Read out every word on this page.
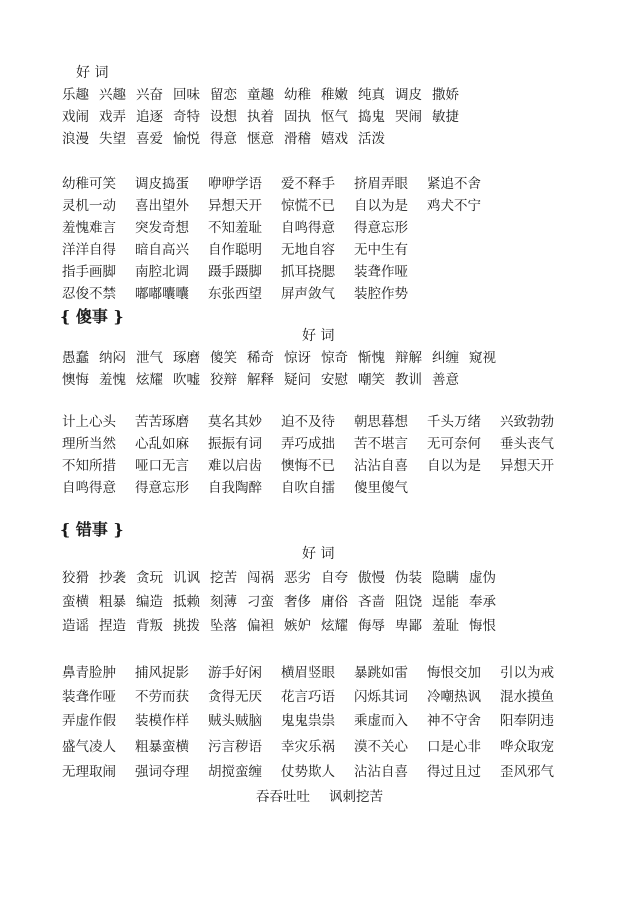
好 词
乐趣 兴趣 兴奋 回味 留恋 童趣 幼稚 稚嫩 纯真 调皮 撒娇
戏闹 戏弄 追逐 奇特 设想 执着 固执 怄气 捣鬼 哭闹 敏捷
浪漫 失望 喜爱 愉悦 得意 惬意 滑稽 嬉戏 活泼
幼稚可笑 调皮捣蛋 咿咿学语 爱不释手 挤眉弄眼 紧追不舍
灵机一动 喜出望外 异想天开 惊慌不已 自以为是 鸡犬不宁
羞愧难言 突发奇想 不知羞耻 自鸣得意 得意忘形
洋洋自得 暗自高兴 自作聪明 无地自容 无中生有
指手画脚 南腔北调 蹑手蹑脚 抓耳挠腮 装聋作哑
忍俊不禁 嘟嘟囔囔 东张西望 屏声敛气 装腔作势
{ 傻事 }
好 词
愚蠢 纳闷 泄气 琢磨 傻笑 稀奇 惊讶 惊奇 惭愧 辩解 纠缠 窥视
懊悔 羞愧 炫耀 吹嘘 狡辩 解释 疑问 安慰 嘲笑 教训 善意
计上心头 苦苦琢磨 莫名其妙 迫不及待 朝思暮想 千头万绪 兴致勃勃
理所当然 心乱如麻 振振有词 弄巧成拙 苦不堪言 无可奈何 垂头丧气
不知所措 哑口无言 难以启齿 懊悔不已 沾沾自喜 自以为是 异想天开
自鸣得意 得意忘形 自我陶醉 自吹自擂 傻里傻气
{ 错事 }
好 词
狡猾 抄袭 贪玩 讥讽 挖苦 闯祸 恶劣 自夸 傲慢 伪装 隐瞒 虚伪
蛮横 粗暴 编造 抵赖 刻薄 刁蛮 奢侈 庸俗 吝啬 阻饶 逞能 奉承
造谣 捏造 背叛 挑拨 坠落 偏袒 嫉妒 炫耀 侮辱 卑鄙 羞耻 悔恨
鼻青脸肿 捕风捉影 游手好闲 横眉竖眼 暴跳如雷 悔恨交加 引以为戒
装聋作哑 不劳而获 贪得无厌 花言巧语 闪烁其词 冷嘲热讽 混水摸鱼
弄虚作假 装模作样 贼头贼脑 鬼鬼祟祟 乘虚而入 神不守舍 阳奉阴违
盛气凌人 粗暴蛮横 污言秽语 幸灾乐祸 漠不关心 口是心非 哗众取宠
无理取闹 强词夺理 胡搅蛮缠 仗势欺人 沾沾自喜 得过且过 歪风邪气
吞吞吐吐 讽刺挖苦
